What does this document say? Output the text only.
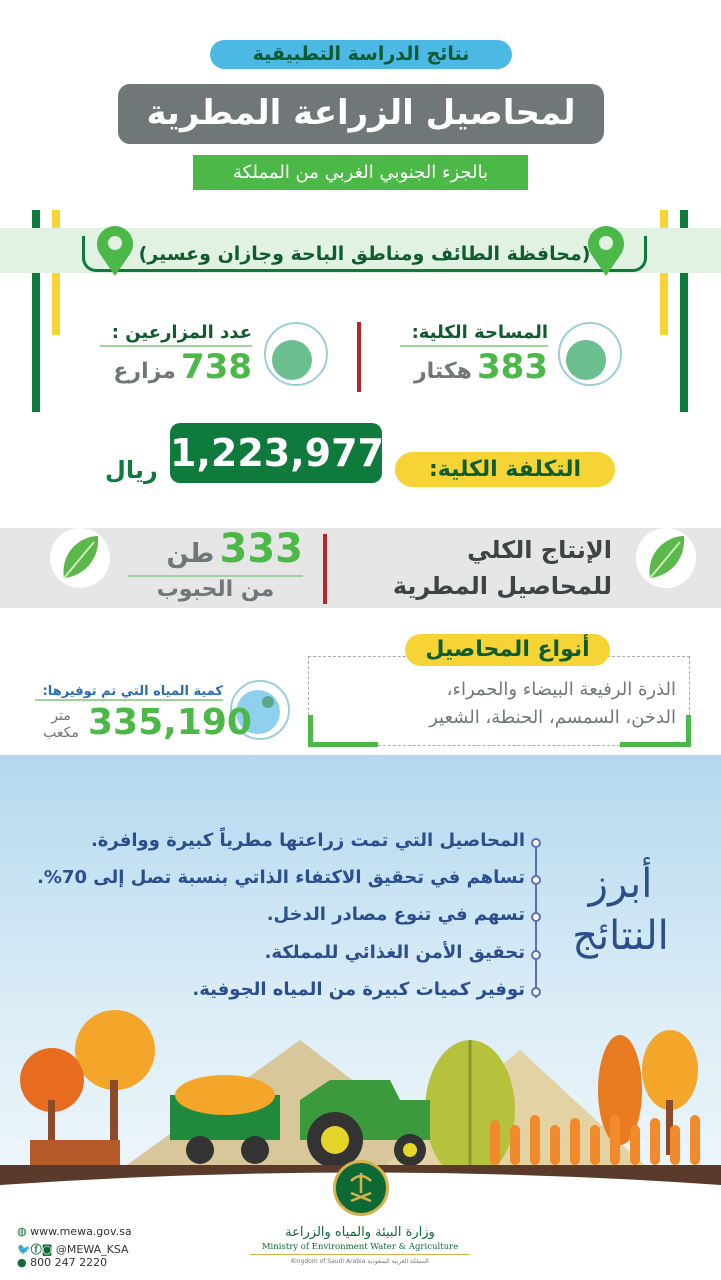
نتائج الدراسة التطبيقية
لمحاصيل الزراعة المطرية
بالجزء الجنوبي الغربي من المملكة
(محافظة الطائف ومناطق الباحة وجازان وعسير)
المساحة الكلية:
383 هكتار
عدد المزارعين :
738 مزارع
التكلفة الكلية:
1,223,977
ريال
الإنتاج الكلي
للمحاصيل المطرية
333 طن
من الحبوب
أنواع المحاصيل
الذرة الرفيعة البيضاء والحمراء،
الدخن، السمسم، الحنطة، الشعير
كمية المياه التي تم توفيرها:
335,190
متر
مكعب
أبرز
النتائج
المحاصيل التي تمت زراعتها مطرياً كبيرة ووافرة.
تساهم في تحقيق الاكتفاء الذاتي بنسبة تصل إلى 70%.
تسهم في تنوع مصادر الدخل.
تحقيق الأمن الغذائي للمملكة.
توفير كميات كبيرة من المياه الجوفية.
وزارة البيئة والمياه والزراعة
Ministry of Environment Water & Agriculture
Kingdom of Saudi Arabia المملكة العربية السعودية
◍ www.mewa.gov.sa
🐦ⓕ◙ @MEWA_KSA
● 800 247 2220
